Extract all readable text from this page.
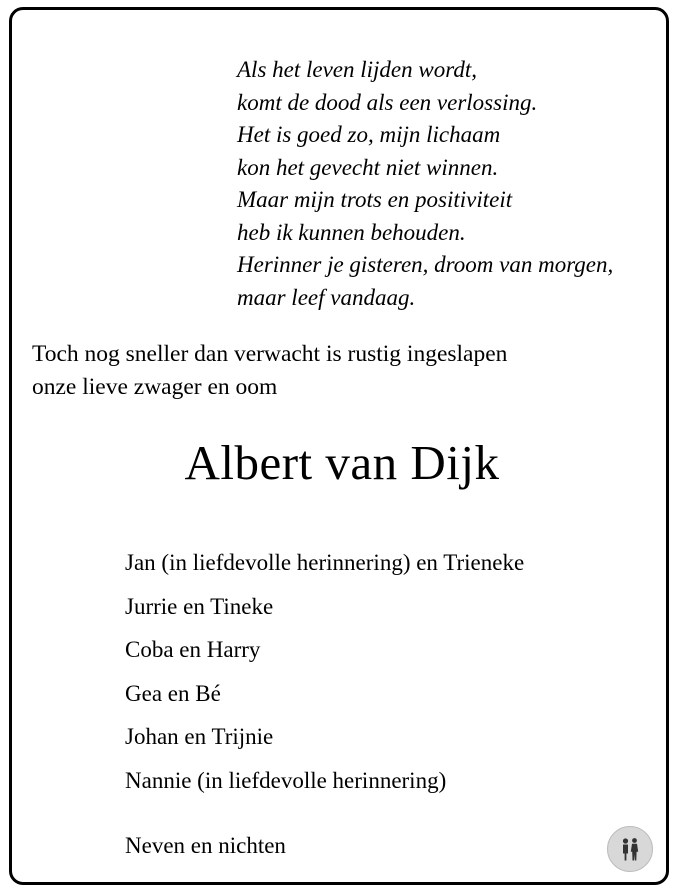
Als het leven lijden wordt,
komt de dood als een verlossing.
Het is goed zo, mijn lichaam
kon het gevecht niet winnen.
Maar mijn trots en positiviteit
heb ik kunnen behouden.
Herinner je gisteren, droom van morgen,
maar leef vandaag.
Toch nog sneller dan verwacht is rustig ingeslapen
onze lieve zwager en oom
Albert van Dijk
Jan (in liefdevolle herinnering) en Trieneke
Jurrie en Tineke
Coba en Harry
Gea en Bé
Johan en Trijnie
Nannie (in liefdevolle herinnering)
Neven en nichten
